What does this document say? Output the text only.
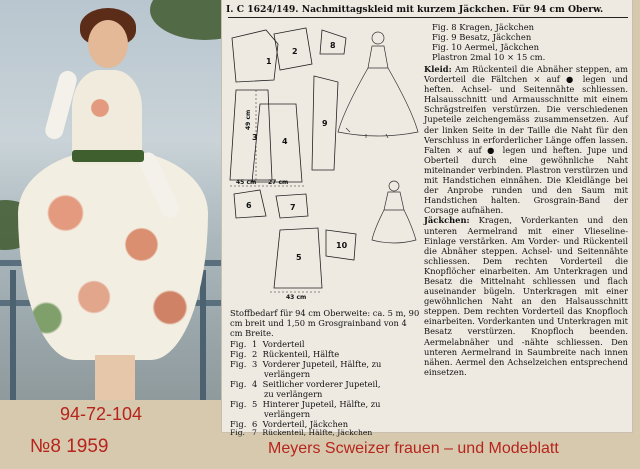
94-72-104
№8 1959	Meyers Scweizer frauen – und Modeblatt
I. C 1624/149. Nachmittagskleid mit kurzem Jäckchen. Für 94 cm Oberw.
1
2
3	4
5
6	7
8
9
10
45 cm 27 cm
49 cm
43 cm
Fig. 8 Kragen, Jäckchen
Fig. 9 Besatz, Jäckchen
Fig. 10 Aermel, Jäckchen
Plastron 2mal 10 × 15 cm.

Kleid: Am Rückenteil die Abnäher steppen, am Vorderteil die Fältchen × auf ● legen und heften. Achsel- und Seitennähte schliessen. Halsausschnitt und Armausschnitte mit einem Schrägstreifen verstürzen. Die verschiedenen Jupeteile zeichengemäss zusammensetzen. Auf der linken Seite in der Taille die Naht für den Verschluss in erforderlicher Länge offen lassen. Falten × auf ● legen und heften. Jupe und Oberteil durch eine gewöhnliche Naht miteinander verbinden. Plastron verstürzen und mit Handstichen einnähen. Die Kleidlänge bei der Anprobe runden und den Saum mit Handstichen halten. Grosgrain-Band der Corsage aufnähen.

Jäckchen: Kragen, Vorderkanten und den unteren Aermelrand mit einer Vlieseline-Einlage verstärken. Am Vorder- und Rückenteil die Abnäher steppen. Achsel- und Seitennähte schliessen. Dem rechten Vorderteil die Knopflöcher einarbeiten. Am Unterkragen und Besatz die Mittelnaht schliessen und flach auseinander bügeln. Unterkragen mit einer gewöhnlichen Naht an den Halsausschnitt steppen. Dem rechten Vorderteil das Knopfloch einarbeiten. Vorderkanten und Unterkragen mit Besatz verstürzen. Knopfloch beenden. Aermelabnäher und -nähte schliessen. Den unteren Aermelrand in Saumbreite nach innen nähen. Aermel den Achselzeichen entsprechend einsetzen.

Stoffbedarf für 94 cm Oberweite: ca. 5 m, 90 cm breit und 1,50 m Grosgrainband von 4 cm Breite.
Fig. 1 Vorderteil
Fig. 2 Rückenteil, Hälfte
Fig. 3 Vorderer Jupeteil, Hälfte, zu
verlängern
Fig. 4 Seitlicher vorderer Jupeteil,
zu verlängern
Fig. 5 Hinterer Jupeteil, Hälfte, zu
verlängern
Fig. 6 Vorderteil, Jäckchen
Fig. 7 Rückenteil, Hälfte, Jäckchen
